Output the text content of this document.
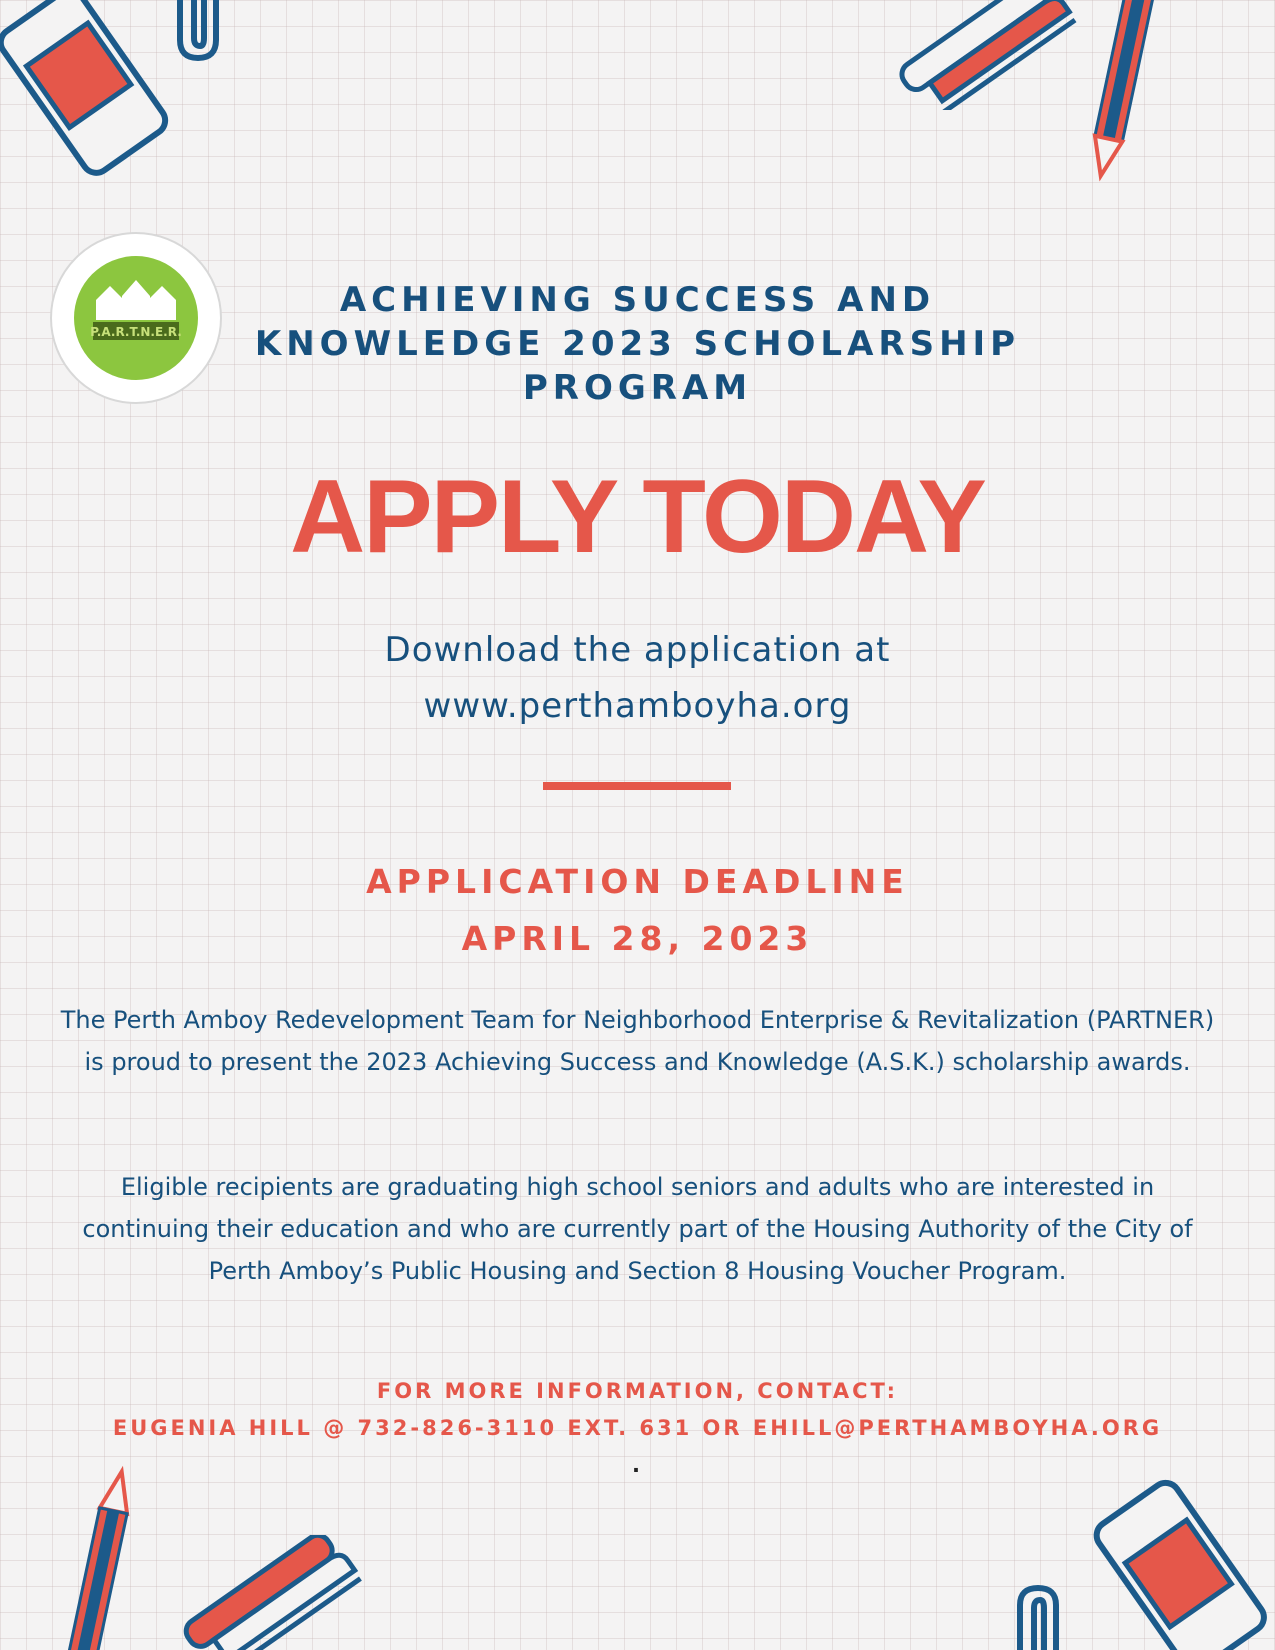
P.A.R.T.N.E.R.
ACHIEVING SUCCESS AND
KNOWLEDGE 2023 SCHOLARSHIP
PROGRAM
APPLY TODAY
Download the application at
www.perthamboyha.org
APPLICATION DEADLINE
APRIL 28, 2023

The Perth Amboy Redevelopment Team for Neighborhood Enterprise & Revitalization (PARTNER) is proud to present the 2023 Achieving Success and Knowledge (A.S.K.) scholarship awards.

Eligible recipients are graduating high school seniors and adults who are interested in continuing their education and who are currently part of the Housing Authority of the City of Perth Amboy’s Public Housing and Section 8 Housing Voucher Program.

FOR MORE INFORMATION, CONTACT:
EUGENIA HILL @ 732-826-3110 EXT. 631 OR EHILL@PERTHAMBOYHA.ORG
.
